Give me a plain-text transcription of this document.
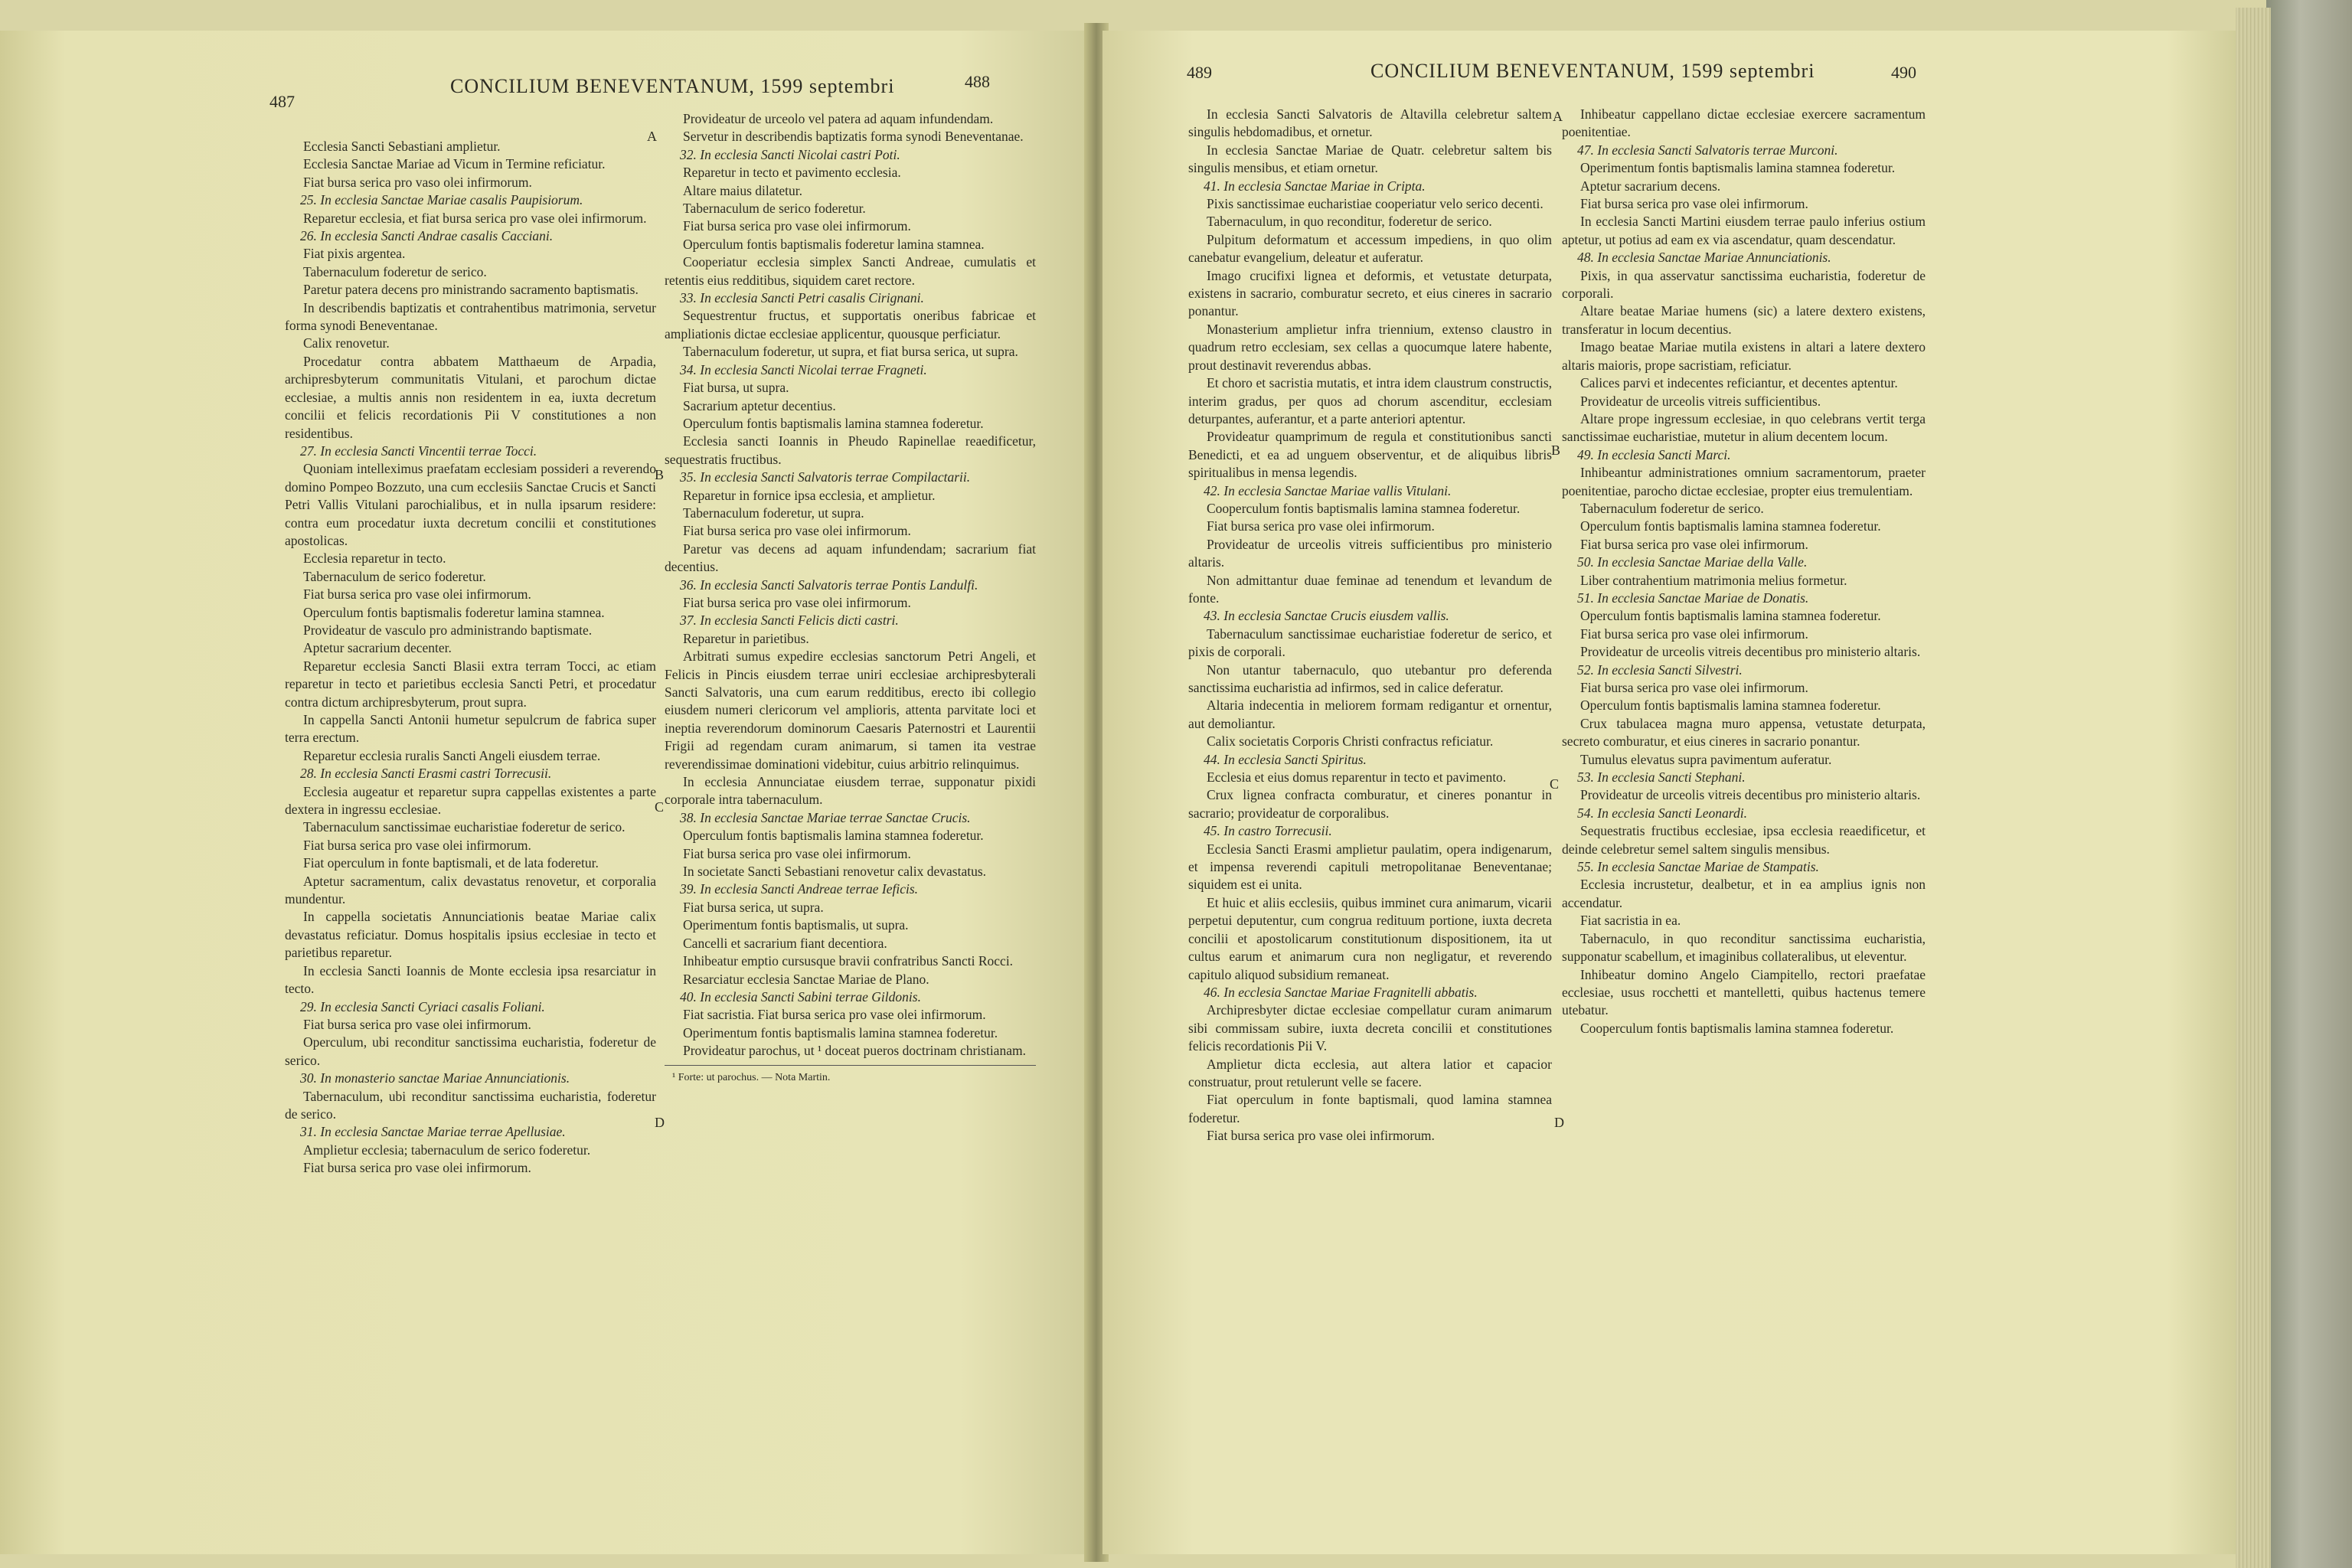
487
CONCILIUM BENEVENTANUM, 1599 septembri	488

Ecclesia Sancti Sebastiani amplietur.

Ecclesia Sanctae Mariae ad Vicum in Termine reficiatur.

Fiat bursa serica pro vaso olei infirmorum.

25. In ecclesia Sanctae Mariae casalis Paupisiorum.

Reparetur ecclesia, et fiat bursa serica pro vase olei infirmorum.

26. In ecclesia Sancti Andrae casalis Cacciani.

Fiat pixis argentea.

Tabernaculum foderetur de serico.

Paretur patera decens pro ministrando sacramento baptismatis.

In describendis baptizatis et contrahentibus matrimonia, servetur forma synodi Beneventanae.

Calix renovetur.

Procedatur contra abbatem Matthaeum de Arpadia, archipresbyterum communitatis Vitulani, et parochum dictae ecclesiae, a multis annis non residentem in ea, iuxta decretum concilii et felicis recordationis Pii V constitutiones a non residentibus.

27. In ecclesia Sancti Vincentii terrae Tocci.

Quoniam intelleximus praefatam ecclesiam possideri a reverendo domino Pompeo Bozzuto, una cum ecclesiis Sanctae Crucis et Sancti Petri Vallis Vitulani parochialibus, et in nulla ipsarum residere: contra eum procedatur iuxta decretum concilii et constitutiones apostolicas.

Ecclesia reparetur in tecto.

Tabernaculum de serico foderetur.

Fiat bursa serica pro vase olei infirmorum.

Operculum fontis baptismalis foderetur lamina stamnea.

Provideatur de vasculo pro administrando baptismate.

Aptetur sacrarium decenter.

Reparetur ecclesia Sancti Blasii extra terram Tocci, ac etiam reparetur in tecto et parietibus ecclesia Sancti Petri, et procedatur contra dictum archipresbyterum, prout supra.

In cappella Sancti Antonii humetur sepulcrum de fabrica super terra erectum.

Reparetur ecclesia ruralis Sancti Angeli eiusdem terrae.

28. In ecclesia Sancti Erasmi castri Torrecusii.

Ecclesia augeatur et reparetur supra cappellas existentes a parte dextera in ingressu ecclesiae.

Tabernaculum sanctissimae eucharistiae foderetur de serico.

Fiat bursa serica pro vase olei infirmorum.

Fiat operculum in fonte baptismali, et de lata foderetur.

Aptetur sacramentum, calix devastatus renovetur, et corporalia mundentur.

In cappella societatis Annunciationis beatae Mariae calix devastatus reficiatur. Domus hospitalis ipsius ecclesiae in tecto et parietibus reparetur.

In ecclesia Sancti Ioannis de Monte ecclesia ipsa resarciatur in tecto.

29. In ecclesia Sancti Cyriaci casalis Foliani.

Fiat bursa serica pro vase olei infirmorum.

Operculum, ubi reconditur sanctissima eucharistia, foderetur de serico.

30. In monasterio sanctae Mariae Annunciationis.

Tabernaculum, ubi reconditur sanctissima eucharistia, foderetur de serico.

31. In ecclesia Sanctae Mariae terrae Apellusiae.

Amplietur ecclesia; tabernaculum de serico foderetur.

Fiat bursa serica pro vase olei infirmorum.

Provideatur de urceolo vel patera ad aquam infundendam.

Servetur in describendis baptizatis forma synodi Beneventanae.

32. In ecclesia Sancti Nicolai castri Poti.

Reparetur in tecto et pavimento ecclesia.

Altare maius dilatetur.

Tabernaculum de serico foderetur.

Fiat bursa serica pro vase olei infirmorum.

Operculum fontis baptismalis foderetur lamina stamnea.

Cooperiatur ecclesia simplex Sancti Andreae, cumulatis et retentis eius redditibus, siquidem caret rectore.

33. In ecclesia Sancti Petri casalis Cirignani.

Sequestrentur fructus, et supportatis oneribus fabricae et ampliationis dictae ecclesiae applicentur, quousque perficiatur.

Tabernaculum foderetur, ut supra, et fiat bursa serica, ut supra.

34. In ecclesia Sancti Nicolai terrae Fragneti.

Fiat bursa, ut supra.

Sacrarium aptetur decentius.

Operculum fontis baptismalis lamina stamnea foderetur.

Ecclesia sancti Ioannis in Pheudo Rapinellae reaedificetur, sequestratis fructibus.

35. In ecclesia Sancti Salvatoris terrae Compilactarii.

Reparetur in fornice ipsa ecclesia, et amplietur.

Tabernaculum foderetur, ut supra.

Fiat bursa serica pro vase olei infirmorum.

Paretur vas decens ad aquam infundendam; sacrarium fiat decentius.

36. In ecclesia Sancti Salvatoris terrae Pontis Landulfi.

Fiat bursa serica pro vase olei infirmorum.

37. In ecclesia Sancti Felicis dicti castri.

Reparetur in parietibus.

Arbitrati sumus expedire ecclesias sanctorum Petri Angeli, et Felicis in Pincis eiusdem terrae uniri ecclesiae archipresbyterali Sancti Salvatoris, una cum earum redditibus, erecto ibi collegio eiusdem numeri clericorum vel amplioris, attenta parvitate loci et ineptia reverendorum dominorum Caesaris Paternostri et Laurentii Frigii ad regendam curam animarum, si tamen ita vestrae reverendissimae dominationi videbitur, cuius arbitrio relinquimus.

In ecclesia Annunciatae eiusdem terrae, supponatur pixidi corporale intra tabernaculum.

38. In ecclesia Sanctae Mariae terrae Sanctae Crucis.

Operculum fontis baptismalis lamina stamnea foderetur.

Fiat bursa serica pro vase olei infirmorum.

In societate Sancti Sebastiani renovetur calix devastatus.

39. In ecclesia Sancti Andreae terrae Ieficis.

Fiat bursa serica, ut supra.

Operimentum fontis baptismalis, ut supra.

Cancelli et sacrarium fiant decentiora.

Inhibeatur emptio cursusque bravii confratribus Sancti Rocci.

Resarciatur ecclesia Sanctae Mariae de Plano.

40. In ecclesia Sancti Sabini terrae Gildonis.

Fiat sacristia. Fiat bursa serica pro vase olei infirmorum.

Operimentum fontis baptismalis lamina stamnea foderetur.

Provideatur parochus, ut ¹ doceat pueros doctrinam christianam.

¹ Forte: ut parochus. — Nota Martin.

A
B
C
D
489	CONCILIUM BENEVENTANUM, 1599 septembri	490

In ecclesia Sancti Salvatoris de Altavilla celebretur saltem singulis hebdomadibus, et ornetur.

In ecclesia Sanctae Mariae de Quatr. celebretur saltem bis singulis mensibus, et etiam ornetur.

41. In ecclesia Sanctae Mariae in Cripta.

Pixis sanctissimae eucharistiae cooperiatur velo serico decenti.

Tabernaculum, in quo reconditur, foderetur de serico.

Pulpitum deformatum et accessum impediens, in quo olim canebatur evangelium, deleatur et auferatur.

Imago crucifixi lignea et deformis, et vetustate deturpata, existens in sacrario, comburatur secreto, et eius cineres in sacrario ponantur.

Monasterium amplietur infra triennium, extenso claustro in quadrum retro ecclesiam, sex cellas a quocumque latere habente, prout destinavit reverendus abbas.

Et choro et sacristia mutatis, et intra idem claustrum constructis, interim gradus, per quos ad chorum ascenditur, ecclesiam deturpantes, auferantur, et a parte anteriori aptentur.

Provideatur quamprimum de regula et constitutionibus sancti Benedicti, et ea ad unguem observentur, et de aliquibus libris spiritualibus in mensa legendis.

42. In ecclesia Sanctae Mariae vallis Vitulani.

Cooperculum fontis baptismalis lamina stamnea foderetur.

Fiat bursa serica pro vase olei infirmorum.

Provideatur de urceolis vitreis sufficientibus pro ministerio altaris.

Non admittantur duae feminae ad tenendum et levandum de fonte.

43. In ecclesia Sanctae Crucis eiusdem vallis.

Tabernaculum sanctissimae eucharistiae foderetur de serico, et pixis de corporali.

Non utantur tabernaculo, quo utebantur pro deferenda sanctissima eucharistia ad infirmos, sed in calice deferatur.

Altaria indecentia in meliorem formam redigantur et ornentur, aut demoliantur.

Calix societatis Corporis Christi confractus reficiatur.

44. In ecclesia Sancti Spiritus.

Ecclesia et eius domus reparentur in tecto et pavimento.

Crux lignea confracta comburatur, et cineres ponantur in sacrario; provideatur de corporalibus.

45. In castro Torrecusii.

Ecclesia Sancti Erasmi amplietur paulatim, opera indigenarum, et impensa reverendi capituli metropolitanae Beneventanae; siquidem est ei unita.

Et huic et aliis ecclesiis, quibus imminet cura animarum, vicarii perpetui deputentur, cum congrua redituum portione, iuxta decreta concilii et apostolicarum constitutionum dispositionem, ita ut cultus earum et animarum cura non negligatur, et reverendo capitulo aliquod subsidium remaneat.

46. In ecclesia Sanctae Mariae Fragnitelli abbatis.

Archipresbyter dictae ecclesiae compellatur curam animarum sibi commissam subire, iuxta decreta concilii et constitutiones felicis recordationis Pii V.

Amplietur dicta ecclesia, aut altera latior et capacior construatur, prout retulerunt velle se facere.

Fiat operculum in fonte baptismali, quod lamina stamnea foderetur.

Fiat bursa serica pro vase olei infirmorum.

Inhibeatur cappellano dictae ecclesiae exercere sacramentum poenitentiae.

47. In ecclesia Sancti Salvatoris terrae Murconi.

Operimentum fontis baptismalis lamina stamnea foderetur.

Aptetur sacrarium decens.

Fiat bursa serica pro vase olei infirmorum.

In ecclesia Sancti Martini eiusdem terrae paulo inferius ostium aptetur, ut potius ad eam ex via ascendatur, quam descendatur.

48. In ecclesia Sanctae Mariae Annunciationis.

Pixis, in qua asservatur sanctissima eucharistia, foderetur de corporali.

Altare beatae Mariae humens (sic) a latere dextero existens, transferatur in locum decentius.

Imago beatae Mariae mutila existens in altari a latere dextero altaris maioris, prope sacristiam, reficiatur.

Calices parvi et indecentes reficiantur, et decentes aptentur.

Provideatur de urceolis vitreis sufficientibus.

Altare prope ingressum ecclesiae, in quo celebrans vertit terga sanctissimae eucharistiae, mutetur in alium decentem locum.

49. In ecclesia Sancti Marci.

Inhibeantur administrationes omnium sacramentorum, praeter poenitentiae, parocho dictae ecclesiae, propter eius tremulentiam.

Tabernaculum foderetur de serico.

Operculum fontis baptismalis lamina stamnea foderetur.

Fiat bursa serica pro vase olei infirmorum.

50. In ecclesia Sanctae Mariae della Valle.

Liber contrahentium matrimonia melius formetur.

51. In ecclesia Sanctae Mariae de Donatis.

Operculum fontis baptismalis lamina stamnea foderetur.

Fiat bursa serica pro vase olei infirmorum.

Provideatur de urceolis vitreis decentibus pro ministerio altaris.

52. In ecclesia Sancti Silvestri.

Fiat bursa serica pro vase olei infirmorum.

Operculum fontis baptismalis lamina stamnea foderetur.

Crux tabulacea magna muro appensa, vetustate deturpata, secreto comburatur, et eius cineres in sacrario ponantur.

Tumulus elevatus supra pavimentum auferatur.

53. In ecclesia Sancti Stephani.

Provideatur de urceolis vitreis decentibus pro ministerio altaris.

54. In ecclesia Sancti Leonardi.

Sequestratis fructibus ecclesiae, ipsa ecclesia reaedificetur, et deinde celebretur semel saltem singulis mensibus.

55. In ecclesia Sanctae Mariae de Stampatis.

Ecclesia incrustetur, dealbetur, et in ea amplius ignis non accendatur.

Fiat sacristia in ea.

Tabernaculo, in quo reconditur sanctissima eucharistia, supponatur scabellum, et imaginibus collateralibus, ut eleventur.

Inhibeatur domino Angelo Ciampitello, rectori praefatae ecclesiae, usus rocchetti et mantelletti, quibus hactenus temere utebatur.

Cooperculum fontis baptismalis lamina stamnea foderetur.

A
B
C
D
